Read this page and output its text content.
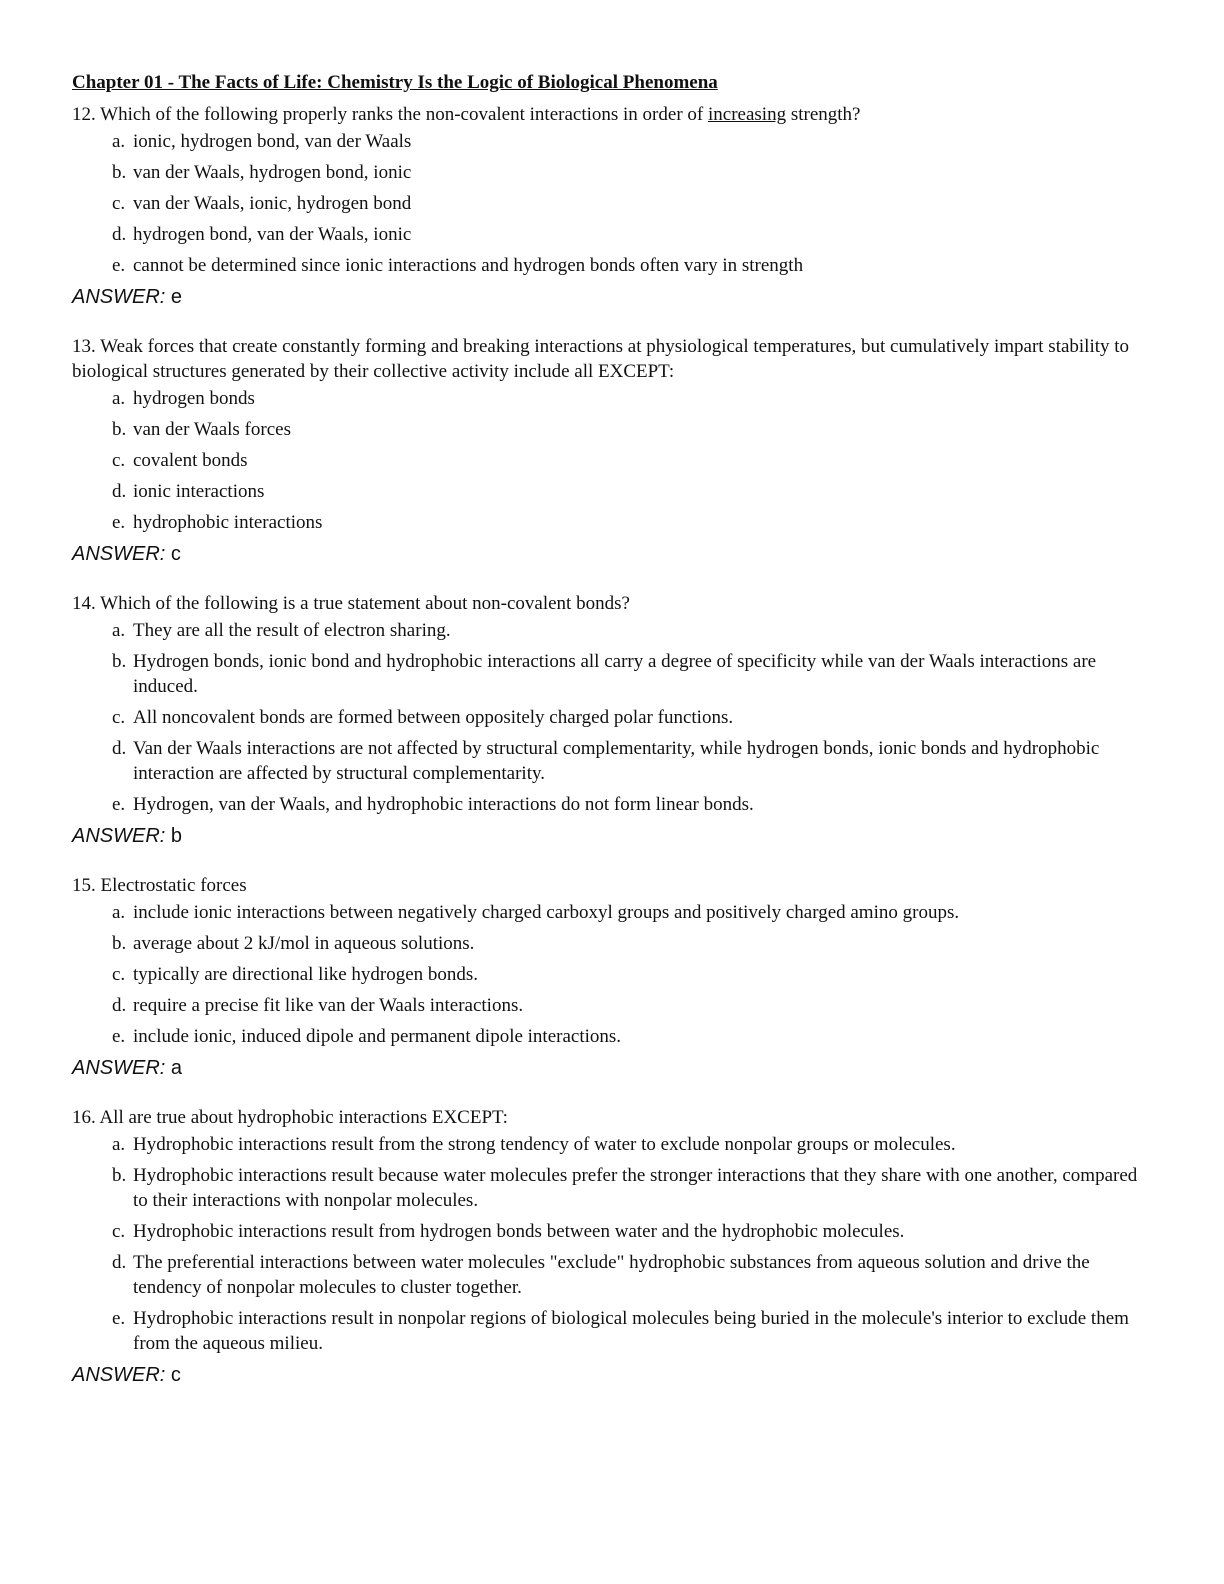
Chapter 01 - The Facts of Life: Chemistry Is the Logic of Biological Phenomena

12. Which of the following properly ranks the non-covalent interactions in order of increasing strength?

a. ionic, hydrogen bond, van der Waals
b. van der Waals, hydrogen bond, ionic
c. van der Waals, ionic, hydrogen bond
d. hydrogen bond, van der Waals, ionic
e. cannot be determined since ionic interactions and hydrogen bonds often vary in strength

ANSWER: e

13. Weak forces that create constantly forming and breaking interactions at physiological temperatures, but cumulatively impart stability to biological structures generated by their collective activity include all EXCEPT:

a. hydrogen bonds
b. van der Waals forces
c. covalent bonds
d. ionic interactions
e. hydrophobic interactions

ANSWER: c

14. Which of the following is a true statement about non-covalent bonds?

a. They are all the result of electron sharing.
b. Hydrogen bonds, ionic bond and hydrophobic interactions all carry a degree of specificity while van der Waals interactions are induced.
c. All noncovalent bonds are formed between oppositely charged polar functions.
d. Van der Waals interactions are not affected by structural complementarity, while hydrogen bonds, ionic bonds and hydrophobic interaction are affected by structural complementarity.
e. Hydrogen, van der Waals, and hydrophobic interactions do not form linear bonds.

ANSWER: b

15. Electrostatic forces

a. include ionic interactions between negatively charged carboxyl groups and positively charged amino groups.
b. average about 2 kJ/mol in aqueous solutions.
c. typically are directional like hydrogen bonds.
d. require a precise fit like van der Waals interactions.
e. include ionic, induced dipole and permanent dipole interactions.

ANSWER: a

16. All are true about hydrophobic interactions EXCEPT:

a. Hydrophobic interactions result from the strong tendency of water to exclude nonpolar groups or molecules.
b. Hydrophobic interactions result because water molecules prefer the stronger interactions that they share with one another, compared to their interactions with nonpolar molecules.
c. Hydrophobic interactions result from hydrogen bonds between water and the hydrophobic molecules.
d. The preferential interactions between water molecules "exclude" hydrophobic substances from aqueous solution and drive the tendency of nonpolar molecules to cluster together.
e. Hydrophobic interactions result in nonpolar regions of biological molecules being buried in the molecule's interior to exclude them from the aqueous milieu.

ANSWER: c
